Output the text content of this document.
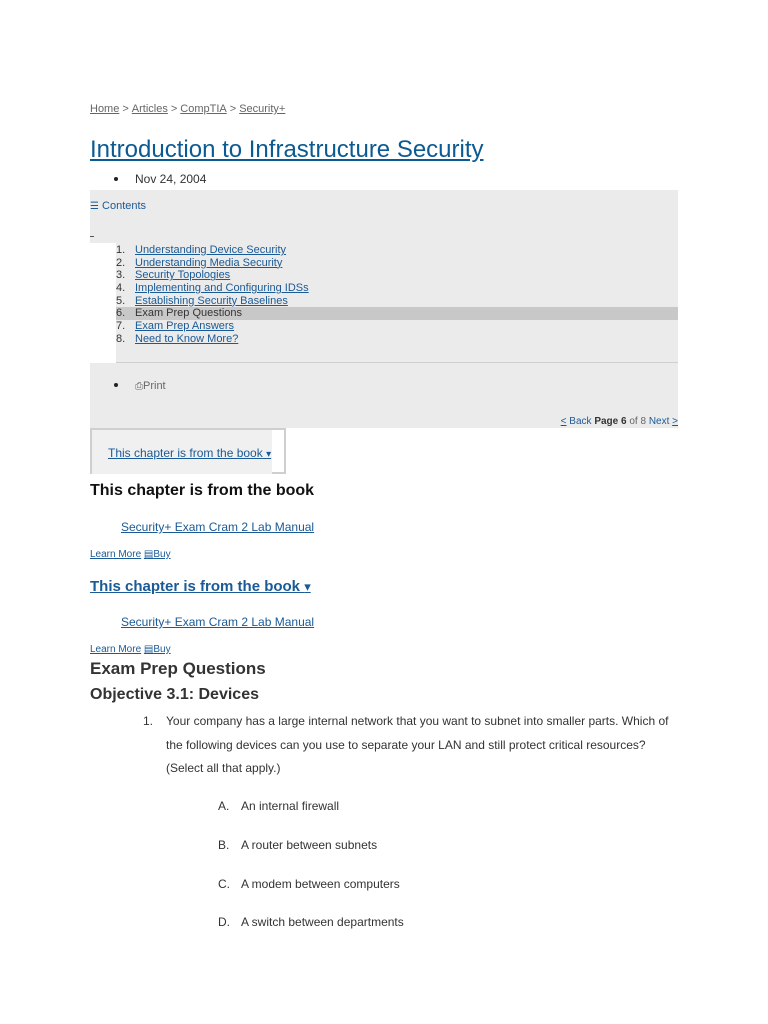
Home > Articles > CompTIA > Security+
Introduction to Infrastructure Security
Nov 24, 2004
☰ Contents
1. Understanding Device Security
2. Understanding Media Security
3. Security Topologies
4. Implementing and Configuring IDSs
5. Establishing Security Baselines
6. Exam Prep Questions
7. Exam Prep Answers
8. Need to Know More?
⎙Print
< Back Page 6 of 8 Next >
This chapter is from the book ▾
This chapter is from the book
Security+ Exam Cram 2 Lab Manual
Learn More ▤Buy
This chapter is from the book ▾
Security+ Exam Cram 2 Lab Manual
Learn More ▤Buy
Exam Prep Questions
Objective 3.1: Devices
1. Your company has a large internal network that you want to subnet into smaller parts. Which of the following devices can you use to separate your LAN and still protect critical resources? (Select all that apply.)
A. An internal firewall
B. A router between subnets
C. A modem between computers
D. A switch between departments
